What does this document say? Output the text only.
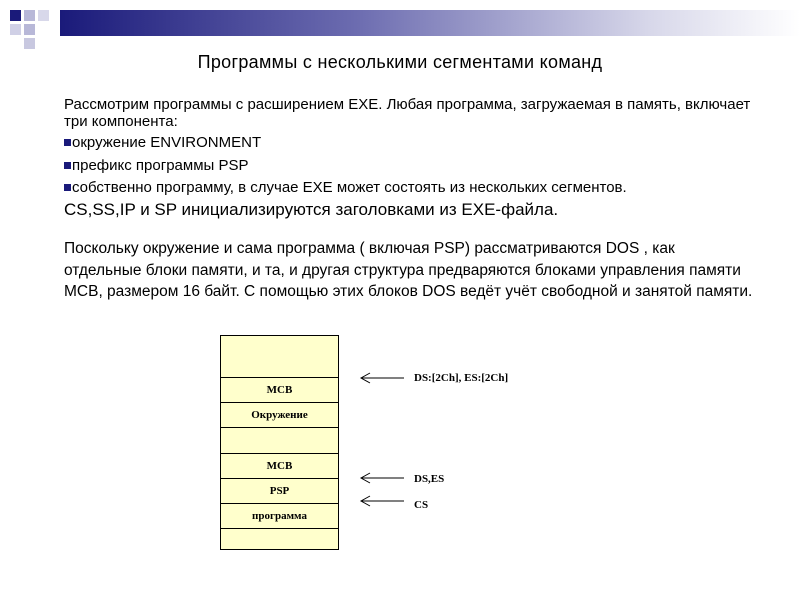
Программы с несколькими сегментами команд
Рассмотрим программы с расширением EXE. Любая программа, загружаемая в память, включает три компонента:
окружение ENVIRONMENT
префикс программы PSP
собственно программу, в случае EXE может состоять из нескольких сегментов.
CS,SS,IP и SP инициализируются заголовками из EXE-файла.
Поскольку окружение и сама программа ( включая PSP) рассматриваются DOS , как отдельные блоки памяти, и та, и другая структура предваряются блоками управления памяти MCB, размером 16 байт. С помощью этих блоков DOS ведёт учёт свободной и занятой памяти.
MCB
Окружение
MCB
PSP
программа
DS:[2Ch], ES:[2Ch]
DS,ES
CS
